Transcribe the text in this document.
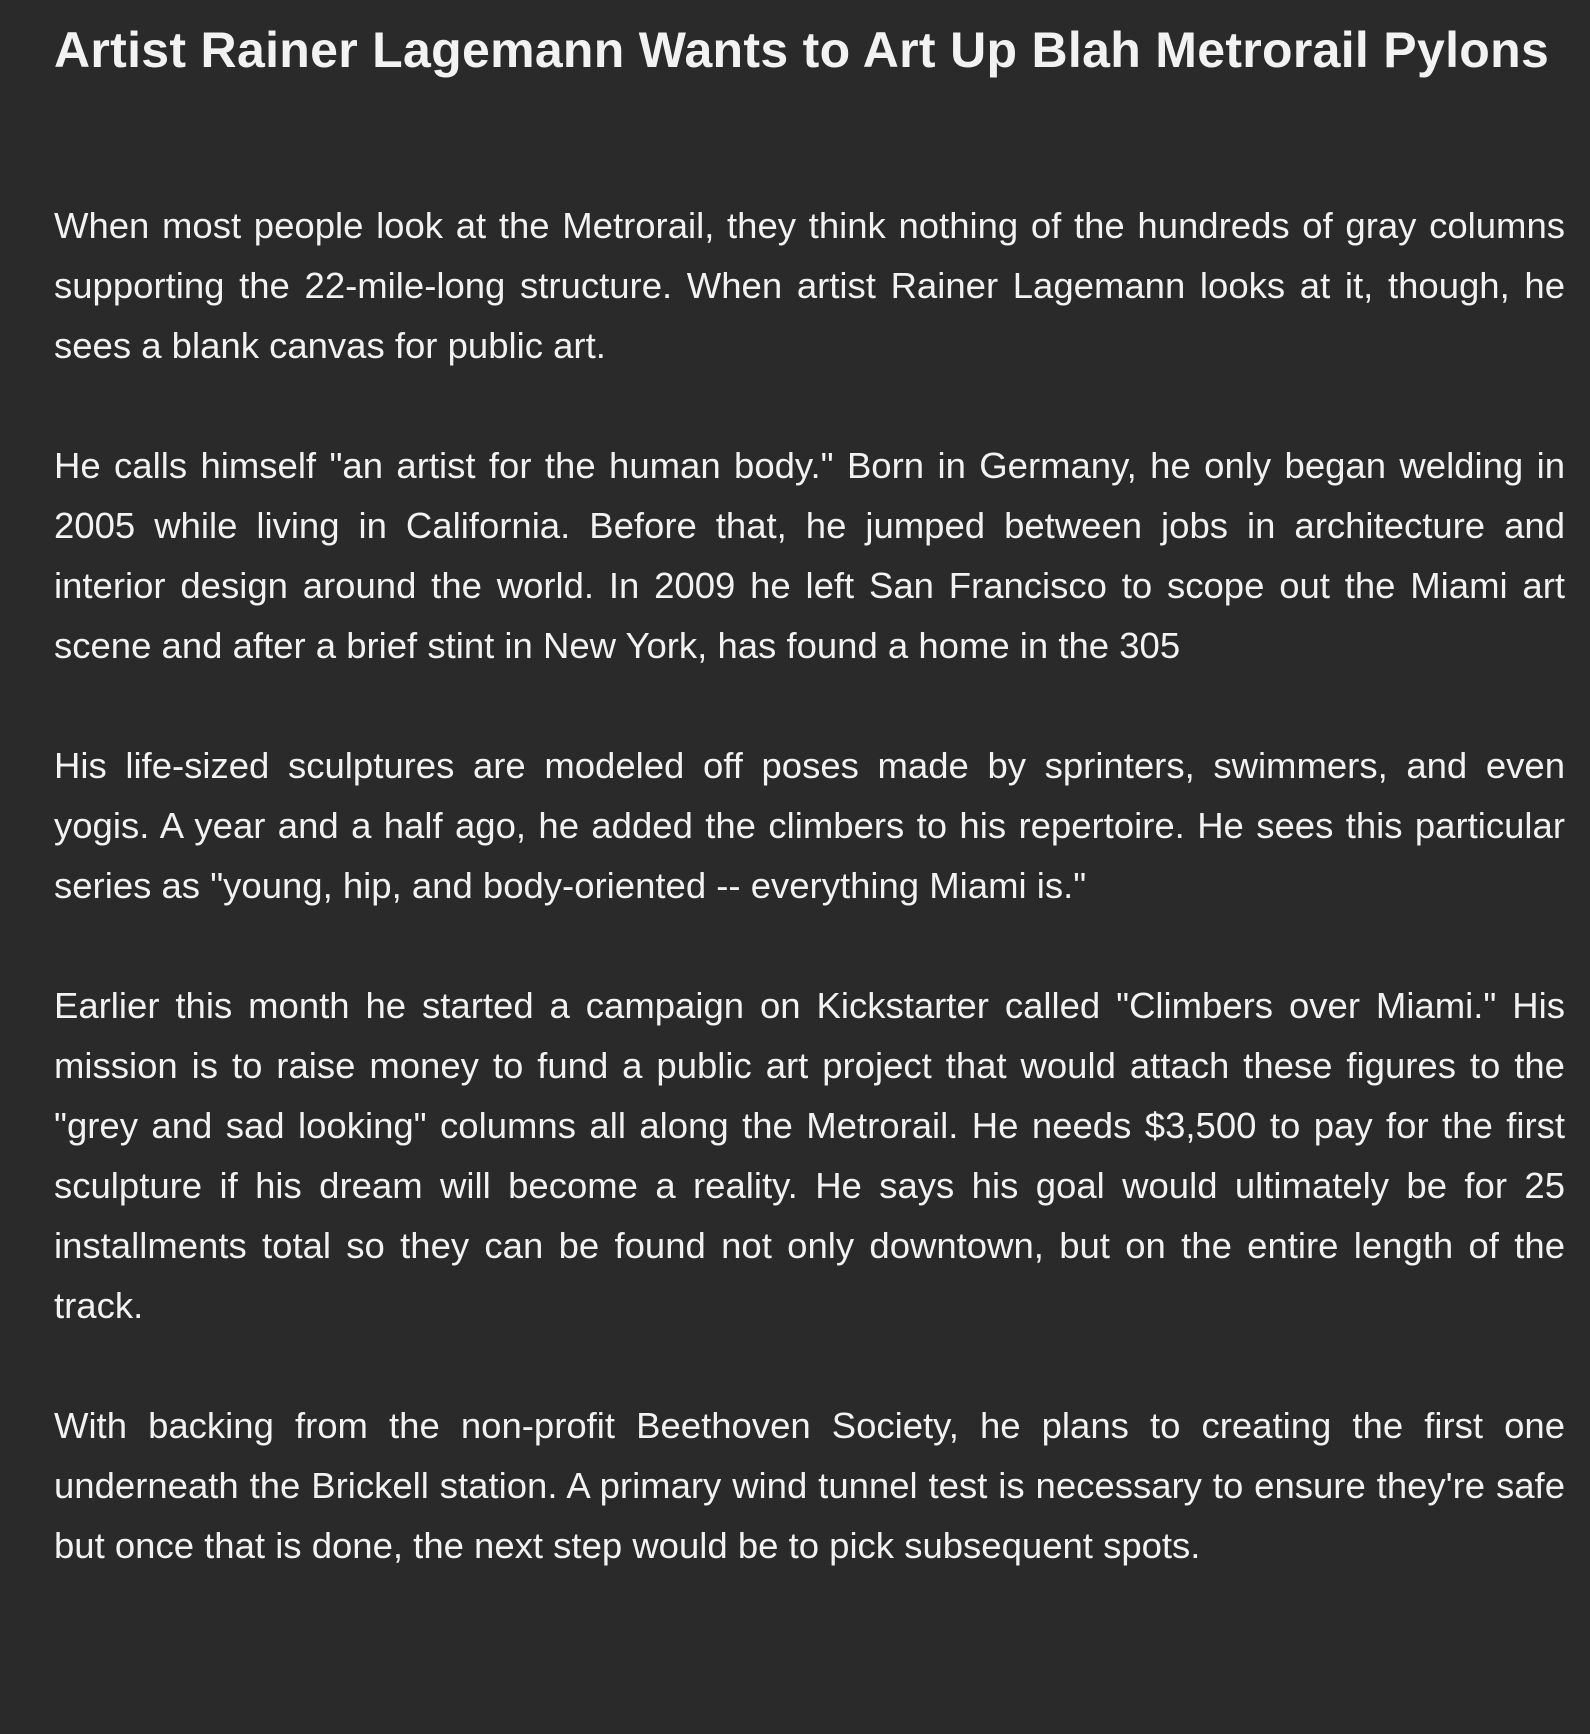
Artist Rainer Lagemann Wants to Art Up Blah Metrorail Pylons

When most people look at the Metrorail, they think nothing of the hundreds of gray columns supporting the 22-mile-long structure. When artist Rainer Lagemann looks at it, though, he sees a blank canvas for public art.

He calls himself "an artist for the human body." Born in Germany, he only began welding in 2005 while living in California. Before that, he jumped between jobs in architecture and interior design around the world. In 2009 he left San Francisco to scope out the Miami art scene and after a brief stint in New York, has found a home in the 305

His life-sized sculptures are modeled off poses made by sprinters, swimmers, and even yogis. A year and a half ago, he added the climbers to his repertoire. He sees this particular series as "young, hip, and body-oriented -- everything Miami is."

Earlier this month he started a campaign on Kickstarter called "Climbers over Miami." His mission is to raise money to fund a public art project that would attach these figures to the "grey and sad looking" columns all along the Metrorail. He needs $3,500 to pay for the first sculpture if his dream will become a reality. He says his goal would ultimately be for 25 installments total so they can be found not only downtown, but on the entire length of the track.

With backing from the non-profit Beethoven Society, he plans to creating the first one underneath the Brickell station. A primary wind tunnel test is necessary to ensure they're safe but once that is done, the next step would be to pick subsequent spots.
